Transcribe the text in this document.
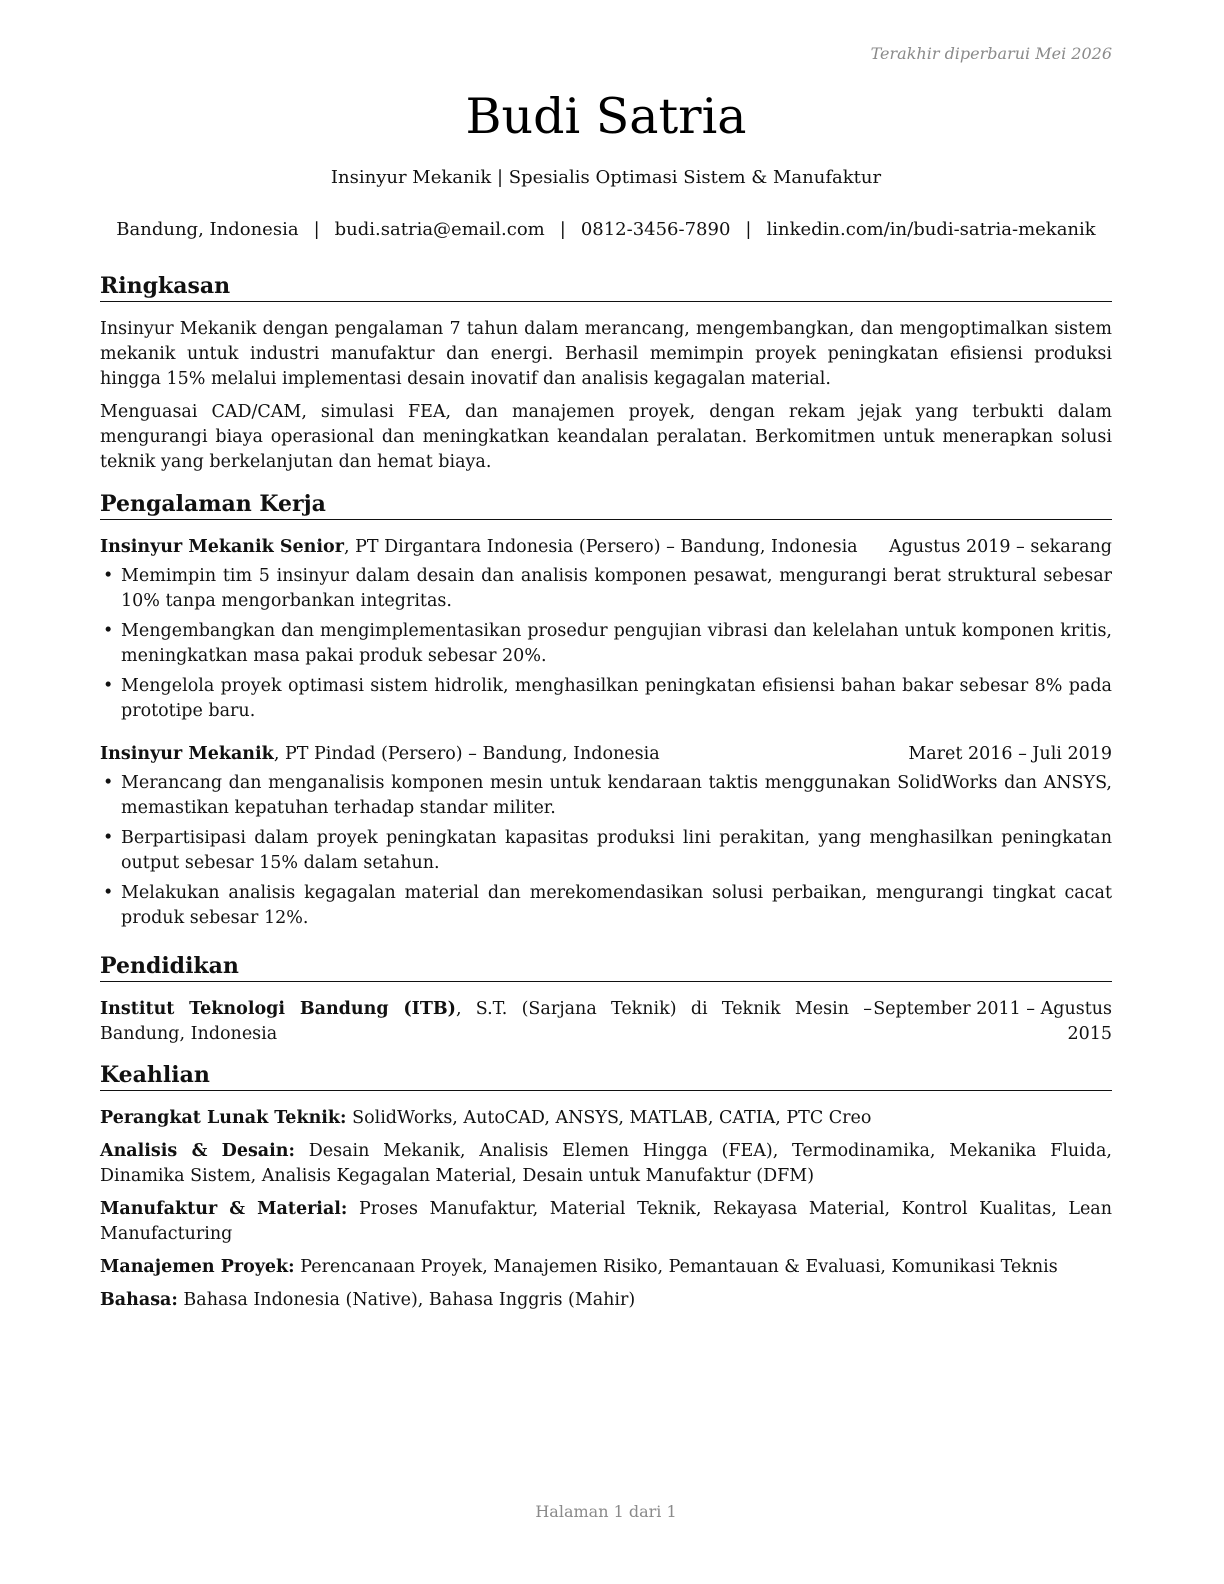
Terakhir diperbarui Mei 2026
Budi Satria
Insinyur Mekanik | Spesialis Optimasi Sistem & Manufaktur
Bandung, Indonesia | budi.satria@email.com | 0812-3456-7890 | linkedin.com/in/budi-satria-mekanik
Ringkasan

Insinyur Mekanik dengan pengalaman 7 tahun dalam merancang, mengembangkan, dan mengoptimalkan sistem mekanik untuk industri manufaktur dan energi. Berhasil memimpin proyek peningkatan efisiensi produksi hingga 15% melalui implementasi desain inovatif dan analisis kegagalan material.

Menguasai CAD/CAM, simulasi FEA, dan manajemen proyek, dengan rekam jejak yang terbukti dalam mengurangi biaya operasional dan meningkatkan keandalan peralatan. Berkomitmen untuk menerapkan solusi teknik yang berkelanjutan dan hemat biaya.

Pengalaman Kerja
Insinyur Mekanik Senior, PT Dirgantara Indonesia (Persero) – Bandung, Indonesia Agustus 2019 – sekarang
• Memimpin tim 5 insinyur dalam desain dan analisis komponen pesawat, mengurangi berat struktural sebesar 10% tanpa mengorbankan integritas.
• Mengembangkan dan mengimplementasikan prosedur pengujian vibrasi dan kelelahan untuk komponen kritis, meningkatkan masa pakai produk sebesar 20%.
• Mengelola proyek optimasi sistem hidrolik, menghasilkan peningkatan efisiensi bahan bakar sebesar 8% pada prototipe baru.
Insinyur Mekanik, PT Pindad (Persero) – Bandung, Indonesia	Maret 2016 – Juli 2019
• Merancang dan menganalisis komponen mesin untuk kendaraan taktis menggunakan SolidWorks dan ANSYS, memastikan kepatuhan terhadap standar militer.
• Berpartisipasi dalam proyek peningkatan kapasitas produksi lini perakitan, yang menghasilkan peningkatan output sebesar 15% dalam setahun.
• Melakukan analisis kegagalan material dan merekomendasikan solusi perbaikan, mengurangi tingkat cacat produk sebesar 12%.
Pendidikan
Institut Teknologi Bandung (ITB), S.T. (Sarjana Teknik) di Teknik Mesin – Bandung, Indonesia
September 2011 – Agustus 2015
Keahlian

Perangkat Lunak Teknik: SolidWorks, AutoCAD, ANSYS, MATLAB, CATIA, PTC Creo

Analisis & Desain: Desain Mekanik, Analisis Elemen Hingga (FEA), Termodinamika, Mekanika Fluida, Dinamika Sistem, Analisis Kegagalan Material, Desain untuk Manufaktur (DFM)

Manufaktur & Material: Proses Manufaktur, Material Teknik, Rekayasa Material, Kontrol Kualitas, Lean Manufacturing

Manajemen Proyek: Perencanaan Proyek, Manajemen Risiko, Pemantauan & Evaluasi, Komunikasi Teknis

Bahasa: Bahasa Indonesia (Native), Bahasa Inggris (Mahir)

Halaman 1 dari 1
